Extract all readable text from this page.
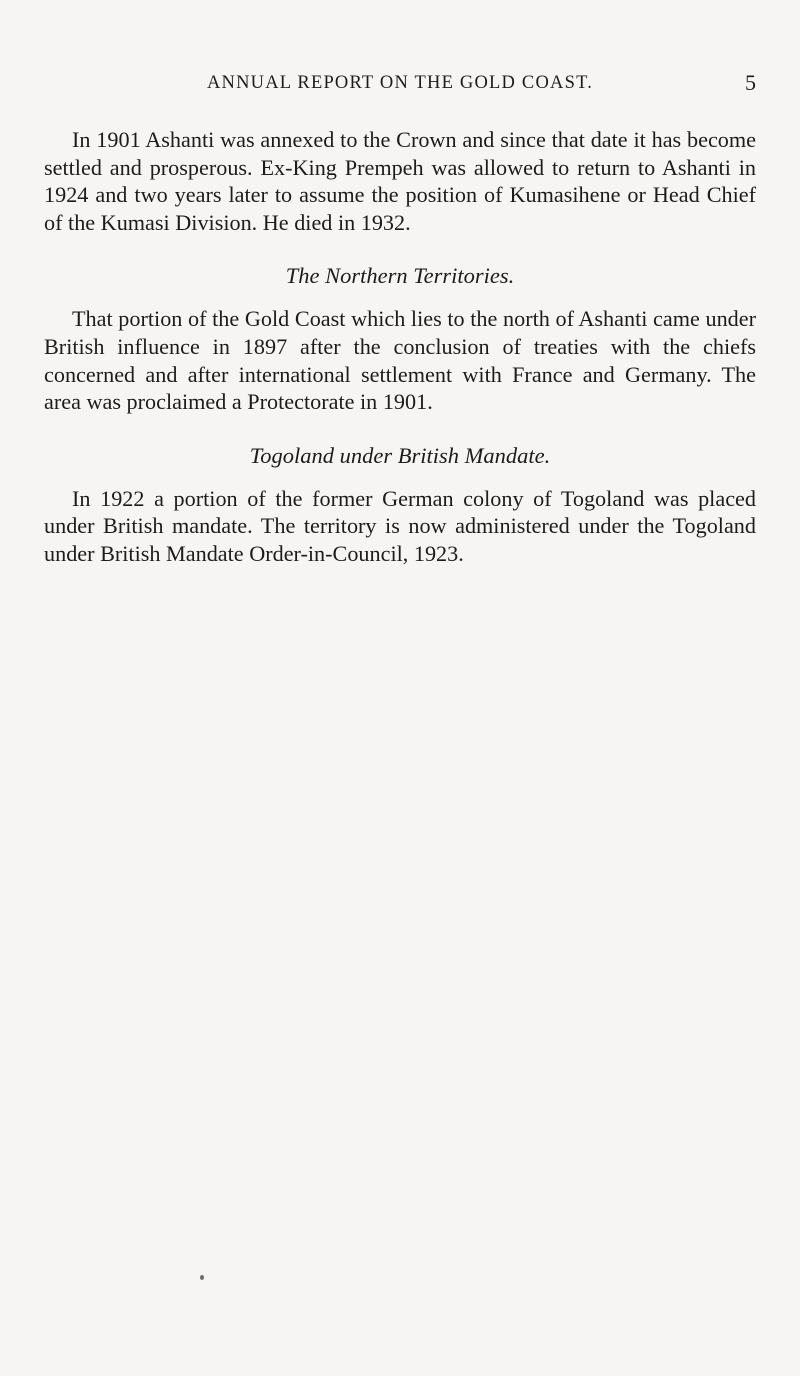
ANNUAL REPORT ON THE GOLD COAST.	5

In 1901 Ashanti was annexed to the Crown and since that date it has become settled and prosperous. Ex-King Prempeh was allowed to return to Ashanti in 1924 and two years later to assume the position of Kumasihene or Head Chief of the Kumasi Division. He died in 1932.

The Northern Territories.

That portion of the Gold Coast which lies to the north of Ashanti came under British influence in 1897 after the conclusion of treaties with the chiefs concerned and after international settlement with France and Germany. The area was proclaimed a Protectorate in 1901.

Togoland under British Mandate.

In 1922 a portion of the former German colony of Togoland was placed under British mandate. The territory is now administered under the Togoland under British Mandate Order-in-Council, 1923.
